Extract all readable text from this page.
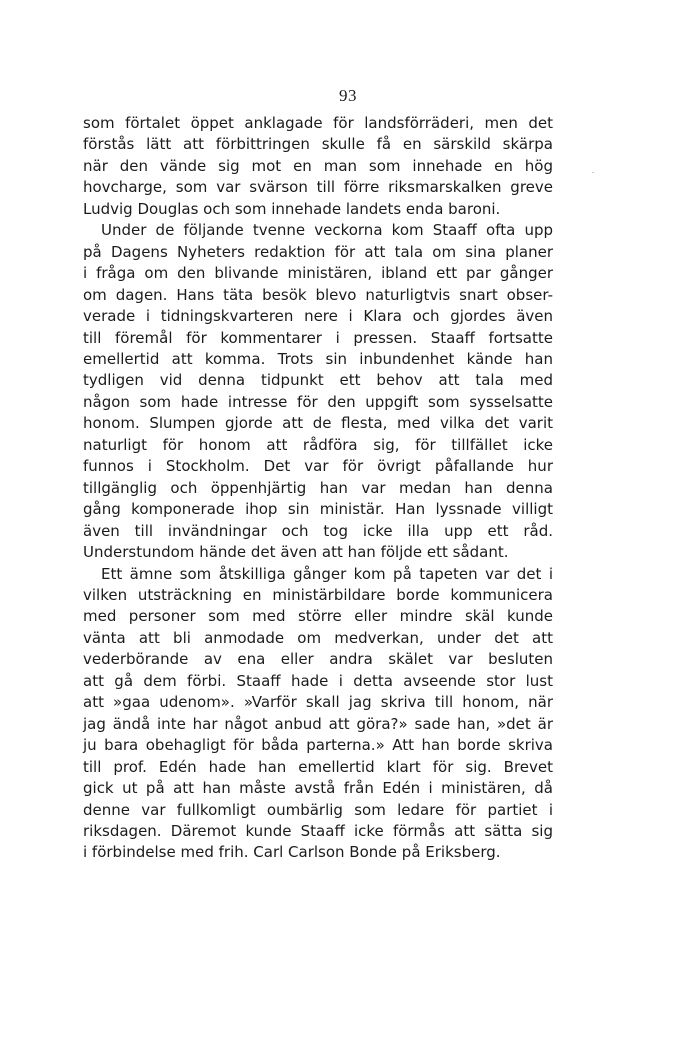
93

som förtalet öppet anklagade för landsförräderi, men det
förstås lätt att förbittringen skulle få en särskild skärpa
när den vände sig mot en man som innehade en hög
hovcharge, som var svärson till förre riksmarskalken greve
Ludvig Douglas och som innehade landets enda baroni.

Under de följande tvenne veckorna kom Staaff ofta upp
på Dagens Nyheters redaktion för att tala om sina planer
i fråga om den blivande ministären, ibland ett par gånger
om dagen. Hans täta besök blevo naturligtvis snart obser-
verade i tidningskvarteren nere i Klara och gjordes även
till föremål för kommentarer i pressen. Staaff fortsatte
emellertid att komma. Trots sin inbundenhet kände han
tydligen vid denna tidpunkt ett behov att tala med
någon som hade intresse för den uppgift som sysselsatte
honom. Slumpen gjorde att de flesta, med vilka det varit
naturligt för honom att rådföra sig, för tillfället icke
funnos i Stockholm. Det var för övrigt påfallande hur
tillgänglig och öppenhjärtig han var medan han denna
gång komponerade ihop sin ministär. Han lyssnade villigt
även till invändningar och tog icke illa upp ett råd.
Understundom hände det även att han följde ett sådant.

Ett ämne som åtskilliga gånger kom på tapeten var det i
vilken utsträckning en ministärbildare borde kommunicera
med personer som med större eller mindre skäl kunde
vänta att bli anmodade om medverkan, under det att
vederbörande av ena eller andra skälet var besluten
att gå dem förbi. Staaff hade i detta avseende stor lust
att »gaa udenom». »Varför skall jag skriva till honom, när
jag ändå inte har något anbud att göra?» sade han, »det är
ju bara obehagligt för båda parterna.» Att han borde skriva
till prof. Edén hade han emellertid klart för sig. Brevet
gick ut på att han måste avstå från Edén i ministären, då
denne var fullkomligt oumbärlig som ledare för partiet i
riksdagen. Däremot kunde Staaff icke förmås att sätta sig
i förbindelse med frih. Carl Carlson Bonde på Eriksberg.
